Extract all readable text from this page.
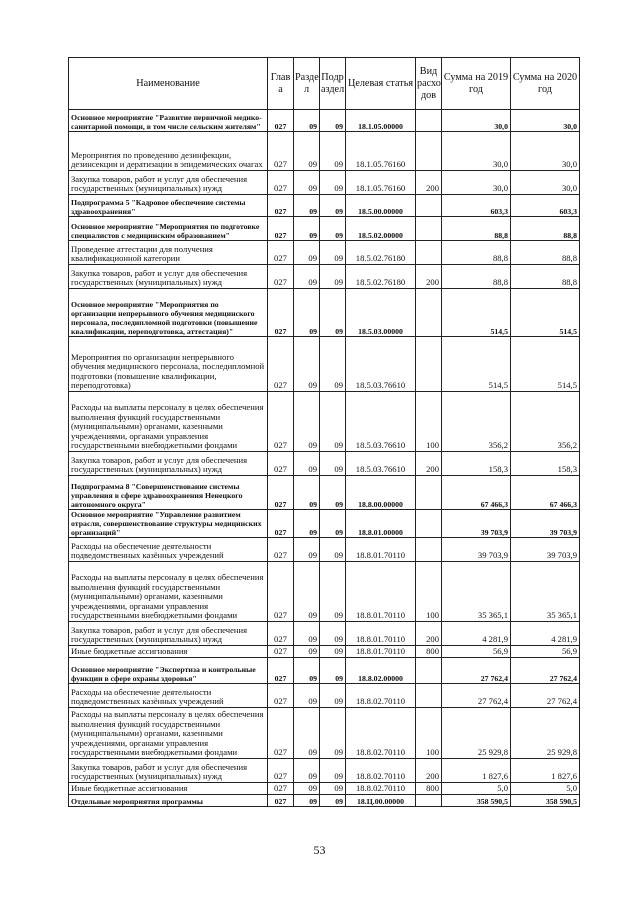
Наименование	Глав а	Разде л	Подр аздел	Целевая статья	Вид расхо дов	Сумма на 2019 год	Сумма на 2020 год
Основное мероприятие "Развитие первичной медико-санитарной помощи, в том числе сельским жителям"	027	09	09	18.1.05.00000		30,0	30,0
Мероприятия по проведению дезинфекции, дезинсекции и дератизации в эпидемических очагах	027	09	09	18.1.05.76160		30,0	30,0
Закупка товаров, работ и услуг для обеспечения государственных (муниципальных) нужд	027	09	09	18.1.05.76160	200	30,0	30,0
Подпрограмма 5 "Кадровое обеспечение системы здравоохранения"	027	09	09	18.5.00.00000		603,3	603,3
Основное мероприятие "Мероприятия по подготовке специалистов с медицинским образованием"	027	09	09	18.5.02.00000		88,8	88,8
Проведение аттестации для получения квалификационной категории	027	09	09	18.5.02.76180		88,8	88,8
Закупка товаров, работ и услуг для обеспечения государственных (муниципальных) нужд	027	09	09	18.5.02.76180	200	88,8	88,8
Основное мероприятие "Мероприятия по организации непрерывного обучения медицинского персонала, последипломной подготовки (повышение квалификации, переподготовка, аттестация)"	027	09	09	18.5.03.00000		514,5	514,5
Мероприятия по организации непрерывного обучения медицинского персонала, последипломной подготовки (повышение квалификации, переподготовка)	027	09	09	18.5.03.76610		514,5	514,5
Расходы на выплаты персоналу в целях обеспечения выполнения функций государственными (муниципальными) органами, казенными учреждениями, органами управления государственными внебюджетными фондами	027	09	09	18.5.03.76610	100	356,2	356,2
Закупка товаров, работ и услуг для обеспечения государственных (муниципальных) нужд	027	09	09	18.5.03.76610	200	158,3	158,3
Подпрограмма 8 "Совершенствование системы управления в сфере здравоохранения Ненецкого автономного округа"	027	09	09	18.8.00.00000		67 466,3	67 466,3
Основное мероприятие "Управление развитием отрасли, совершенствование структуры медицинских организаций"	027	09	09	18.8.01.00000		39 703,9	39 703,9
Расходы на обеспечение деятельности подведомственных казённых учреждений	027	09	09	18.8.01.70110		39 703,9	39 703,9
Расходы на выплаты персоналу в целях обеспечения выполнения функций государственными (муниципальными) органами, казенными учреждениями, органами управления государственными внебюджетными фондами	027	09	09	18.8.01.70110	100	35 365,1	35 365,1
Закупка товаров, работ и услуг для обеспечения государственных (муниципальных) нужд	027	09	09	18.8.01.70110	200	4 281,9	4 281,9
Иные бюджетные ассигнования	027	09	09	18.8.01.70110	800	56,9	56,9
Основное мероприятие "Экспертиза и контрольные функции в сфере охраны здоровья"	027	09	09	18.8.02.00000		27 762,4	27 762,4
Расходы на обеспечение деятельности подведомственных казённых учреждений	027	09	09	18.8.02.70110		27 762,4	27 762,4
Расходы на выплаты персоналу в целях обеспечения выполнения функций государственными (муниципальными) органами, казенными учреждениями, органами управления государственными внебюджетными фондами	027	09	09	18.8.02.70110	100	25 929,8	25 929,8
Закупка товаров, работ и услуг для обеспечения государственных (муниципальных) нужд	027	09	09	18.8.02.70110	200	1 827,6	1 827,6
Иные бюджетные ассигнования	027	09	09	18.8.02.70110	800	5,0	5,0
Отдельные мероприятия программы	027	09	09	18.Ц.00.00000		358 590,5	358 590,5
53
